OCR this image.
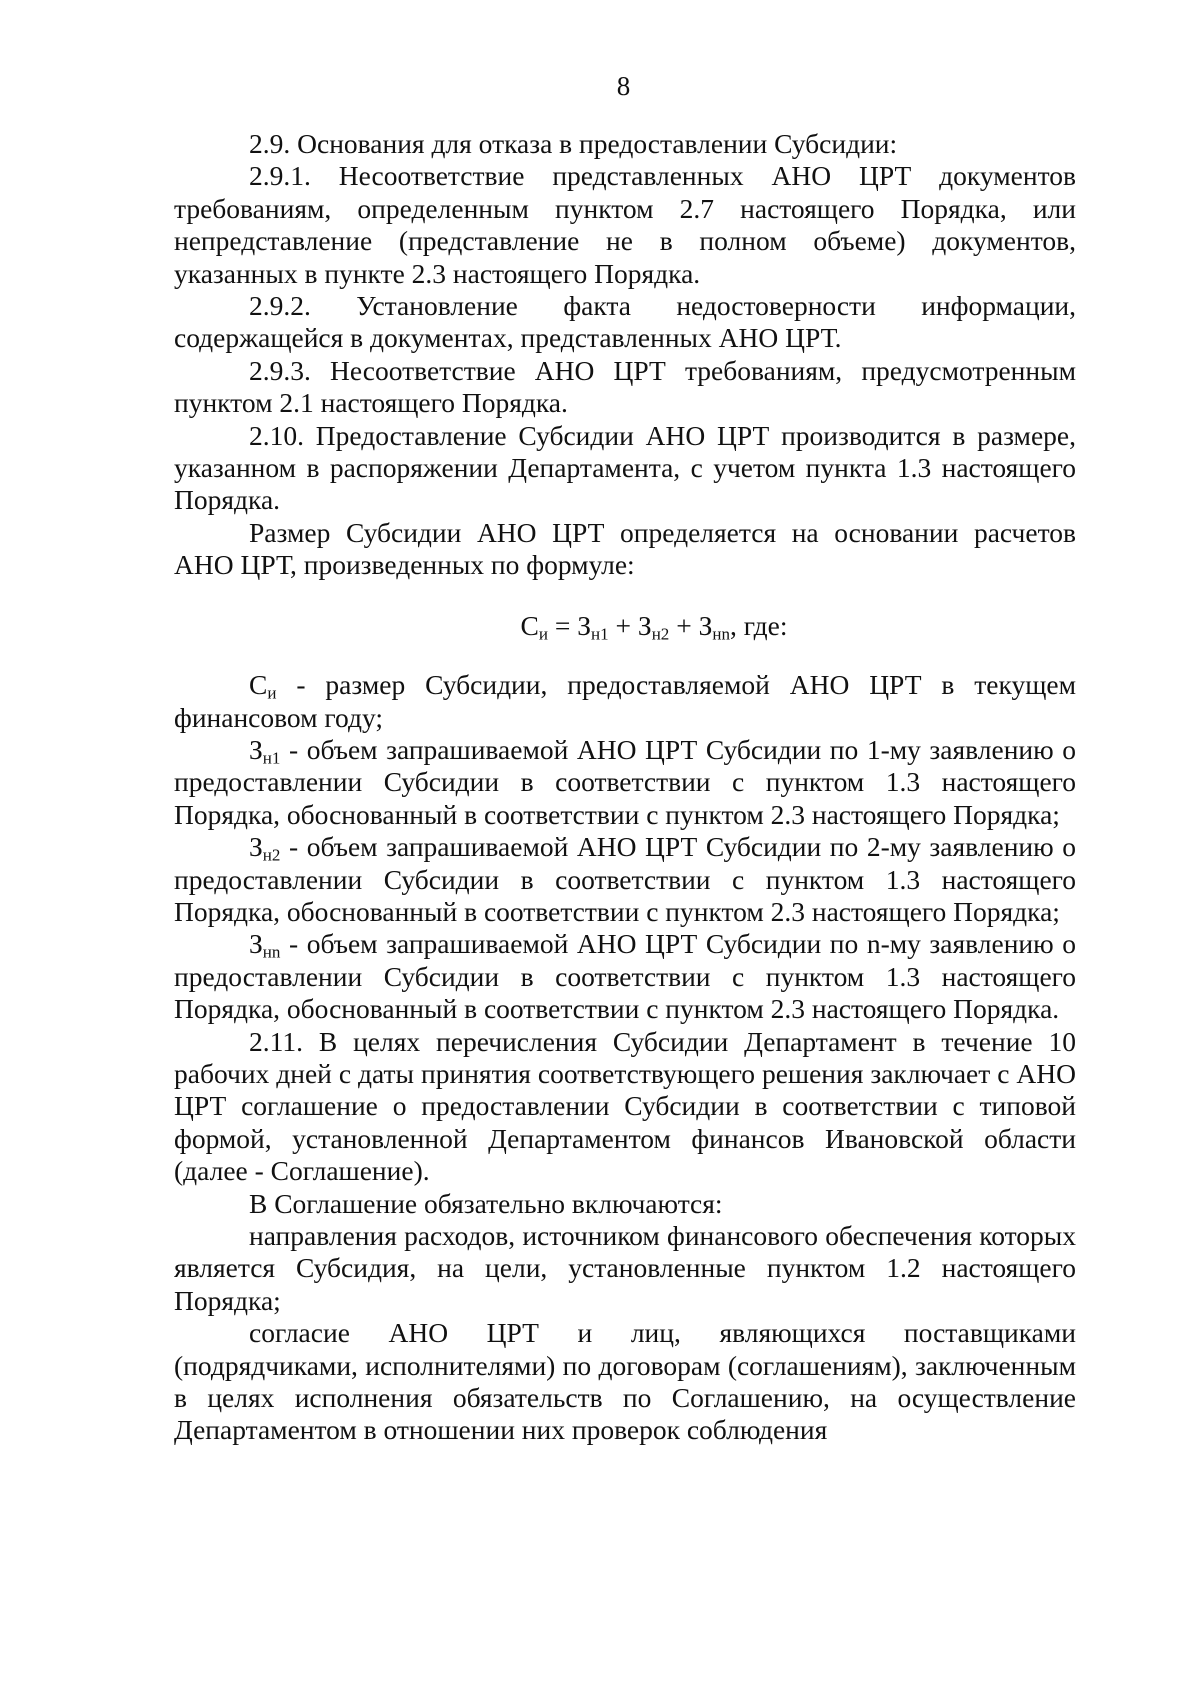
8

2.9. Основания для отказа в предоставлении Субсидии:

2.9.1. Несоответствие представленных АНО ЦРТ документов требованиям, определенным пунктом 2.7 настоящего Порядка, или непредставление (представление не в полном объеме) документов, указанных в пункте 2.3 настоящего Порядка.

2.9.2. Установление факта недостоверности информации, содержащейся в документах, представленных АНО ЦРТ.

2.9.3. Несоответствие АНО ЦРТ требованиям, предусмотренным пунктом 2.1 настоящего Порядка.

2.10. Предоставление Субсидии АНО ЦРТ производится в размере, указанном в распоряжении Департамента, с учетом пункта 1.3 настоящего Порядка.

Размер Субсидии АНО ЦРТ определяется на основании расчетов АНО ЦРТ, произведенных по формуле:

$С_и = З_{н1} + З_{н2} + З_{нn}$, где:

$С_и$ - размер Субсидии, предоставляемой АНО ЦРТ в текущем финансовом году;

$З_{н1}$ - объем запрашиваемой АНО ЦРТ Субсидии по 1-му заявлению о предоставлении Субсидии в соответствии с пунктом 1.3 настоящего Порядка, обоснованный в соответствии с пунктом 2.3 настоящего Порядка;

$З_{н2}$ - объем запрашиваемой АНО ЦРТ Субсидии по 2-му заявлению о предоставлении Субсидии в соответствии с пунктом 1.3 настоящего Порядка, обоснованный в соответствии с пунктом 2.3 настоящего Порядка;

$З_{нn}$ - объем запрашиваемой АНО ЦРТ Субсидии по n-му заявлению о предоставлении Субсидии в соответствии с пунктом 1.3 настоящего Порядка, обоснованный в соответствии с пунктом 2.3 настоящего Порядка.

2.11. В целях перечисления Субсидии Департамент в течение 10 рабочих дней с даты принятия соответствующего решения заключает с АНО ЦРТ соглашение о предоставлении Субсидии в соответствии с типовой формой, установленной Департаментом финансов Ивановской области (далее - Соглашение).

В Соглашение обязательно включаются:

направления расходов, источником финансового обеспечения которых является Субсидия, на цели, установленные пунктом 1.2 настоящего Порядка;

согласие АНО ЦРТ и лиц, являющихся поставщиками (подрядчиками, исполнителями) по договорам (соглашениям), заключенным в целях исполнения обязательств по Соглашению, на осуществление Департаментом в отношении них проверок соблюдения
